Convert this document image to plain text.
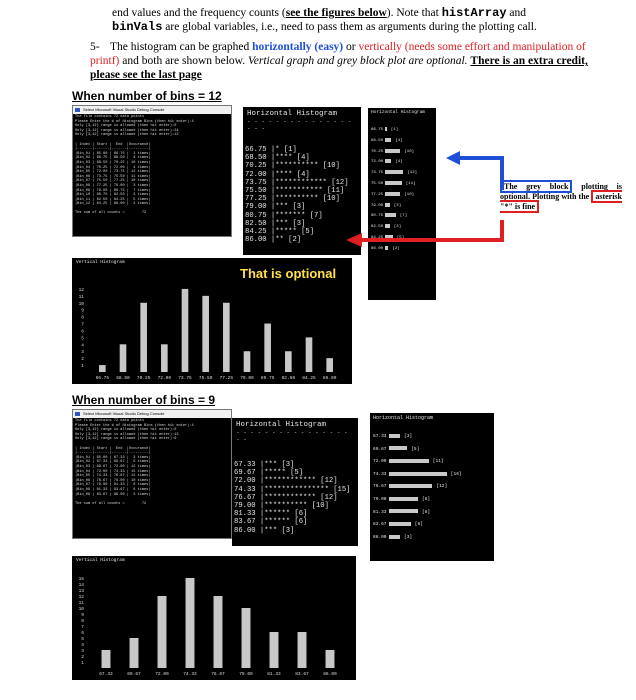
end values and the frequency counts (see the figures below). Note that histArray and
binVals are global variables, i.e., need to pass them as arguments during the plotting call.
5- The histogram can be graphed horizontally (easy) or vertically (needs some effort and manipulation of printf) and both are shown below. Vertical graph and grey block plot are optional. There is an extra credit, please see the last page
When number of bins = 12
Select Microsoft Visual Studio Debug Console
The file contains 72 data points
Please Enter the # of Histogram Bins (then hit enter):4
Only [3,12] range is allowed (then hit enter):0
Only [3,12] range is allowed (then hit enter):24
Only [3,12] range is allowed (then hit enter):12

| Index | Start |  End  |Occurance|
|-------|-------|-------|---------|
|Bin_01 | 65.00 | 66.75 |  1 times|
|Bin_02 | 66.75 | 68.50 |  4 times|
|Bin_03 | 68.50 | 70.25 | 10 times|
|Bin_04 | 70.25 | 72.00 |  4 times|
|Bin_05 | 72.00 | 73.75 | 12 times|
|Bin_06 | 73.75 | 75.50 | 11 times|
|Bin_07 | 75.50 | 77.25 | 10 times|
|Bin_08 | 77.25 | 79.00 |  3 times|
|Bin_09 | 79.00 | 80.75 |  7 times|
|Bin_10 | 80.75 | 82.50 |  3 times|
|Bin_11 | 82.50 | 84.25 |  5 times|
|Bin_12 | 84.25 | 86.00 |  2 times|

The sum of all counts =        72
Horizontal Histogram
- - - - - - - - - - - - - - - - - -
66.75 |* [1]
68.50 |**** [4]
70.25 |********** [10]
72.00 |**** [4]
73.75 |************ [12]
75.50 |*********** [11]
77.25 |********** [10]
79.00 |*** [3]
80.75 |******* [7]
82.50 |*** [3]
84.25 |***** [5]
86.00 |** [2]
Horizontal Histogram
66.75 [1]
68.50	[4]
70.25	[10]
72.00	[4]
73.75	[12]
75.50	[11]
77.25	[10]
79.00 [3]
80.75	[7]
82.50 [3]
84.25	[5]
86.00 [2]
The grey block plotting is optional. Plotting with the asterisk "*" is fine
Vertical Histogram
That is optional
12
11
10
9
8
7
6
5
4
3
2
1
66.75 68.50 70.25 72.00 73.75 75.50 77.25 79.00 80.75 82.50 84.25 86.00
When number of bins = 9
Select Microsoft Visual Studio Debug Console
The file contains 72 data points
Please Enter the # of Histogram Bins (then hit enter):4
Only [3,12] range is allowed (then hit enter):0
Only [3,12] range is allowed (then hit enter):13
Only [3,12] range is allowed (then hit enter):9

| Index | Start |  End  |Occurance|
|-------|-------|-------|---------|
|Bin_01 | 65.00 | 67.33 |  3 times|
|Bin_02 | 67.33 | 69.67 |  5 times|
|Bin_03 | 69.67 | 72.00 | 12 times|
|Bin_04 | 72.00 | 74.33 | 15 times|
|Bin_05 | 74.33 | 76.67 | 12 times|
|Bin_06 | 76.67 | 79.00 | 10 times|
|Bin_07 | 79.00 | 81.33 |  6 times|
|Bin_08 | 81.33 | 83.67 |  6 times|
|Bin_09 | 83.67 | 86.00 |  3 times|

The sum of all counts =        72
Horizontal Histogram
- - - - - - - - - - - - - - - - - -
67.33 |*** [3]
69.67 |***** [5]
72.00 |************ [12]
74.33 |*************** [15]
76.67 |************ [12]
79.00 |********** [10]
81.33 |****** [6]
83.67 |****** [6]
86.00 |*** [3]
Horizontal Histogram
67.33	[3]
69.67	[5]
72.00	[11]
74.33	[16]
76.67	[12]
79.00	[8]
81.33	[8]
83.67	[6]
86.00	[3]
Vertical Histogram
15
14
13
12
11
10
9
8
7
6
5
4
3
2
1
67.33	69.67	72.00	74.33	76.67	79.00	81.33	83.67	86.00
